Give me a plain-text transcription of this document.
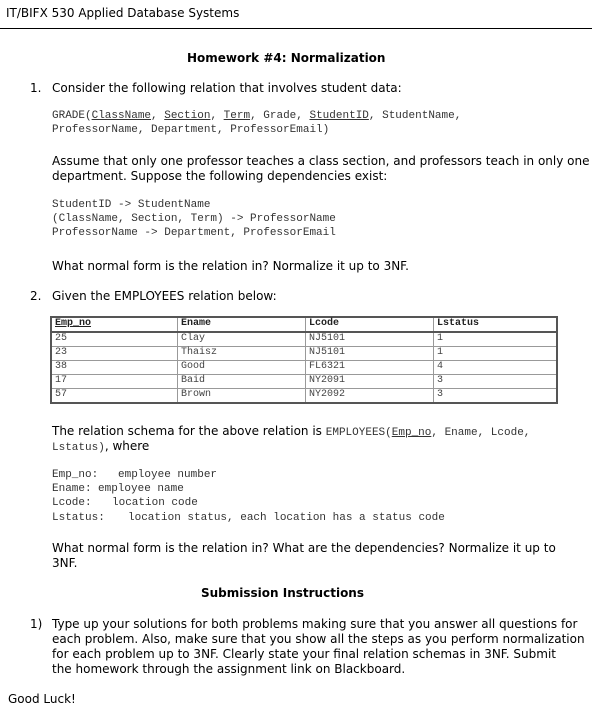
IT/BIFX 530 Applied Database Systems
Homework #4: Normalization
1. Consider the following relation that involves student data:
GRADE(ClassName, Section, Term, Grade, StudentID, StudentName,
ProfessorName, Department, ProfessorEmail)
Assume that only one professor teaches a class section, and professors teach in only one
department. Suppose the following dependencies exist:
StudentID -> StudentName
(ClassName, Section, Term) -> ProfessorName
ProfessorName -> Department, ProfessorEmail
What normal form is the relation in? Normalize it up to 3NF.
2. Given the EMPLOYEES relation below:
Emp_no	Ename	Lcode	Lstatus
25	Clay	NJ5101	1
23	Thaisz	NJ5101	1
38	Good	FL6321	4
17	Baid	NY2091	3
57	Brown	NY2092	3
The relation schema for the above relation is EMPLOYEES(Emp_no, Ename, Lcode,
Lstatus), where
Emp_no: employee number
Ename: employee name
Lcode: location code
Lstatus: location status, each location has a status code
What normal form is the relation in? What are the dependencies? Normalize it up to
3NF.
Submission Instructions
1) Type up your solutions for both problems making sure that you answer all questions for
each problem. Also, make sure that you show all the steps as you perform normalization
for each problem up to 3NF. Clearly state your final relation schemas in 3NF. Submit
the homework through the assignment link on Blackboard.
Good Luck!
